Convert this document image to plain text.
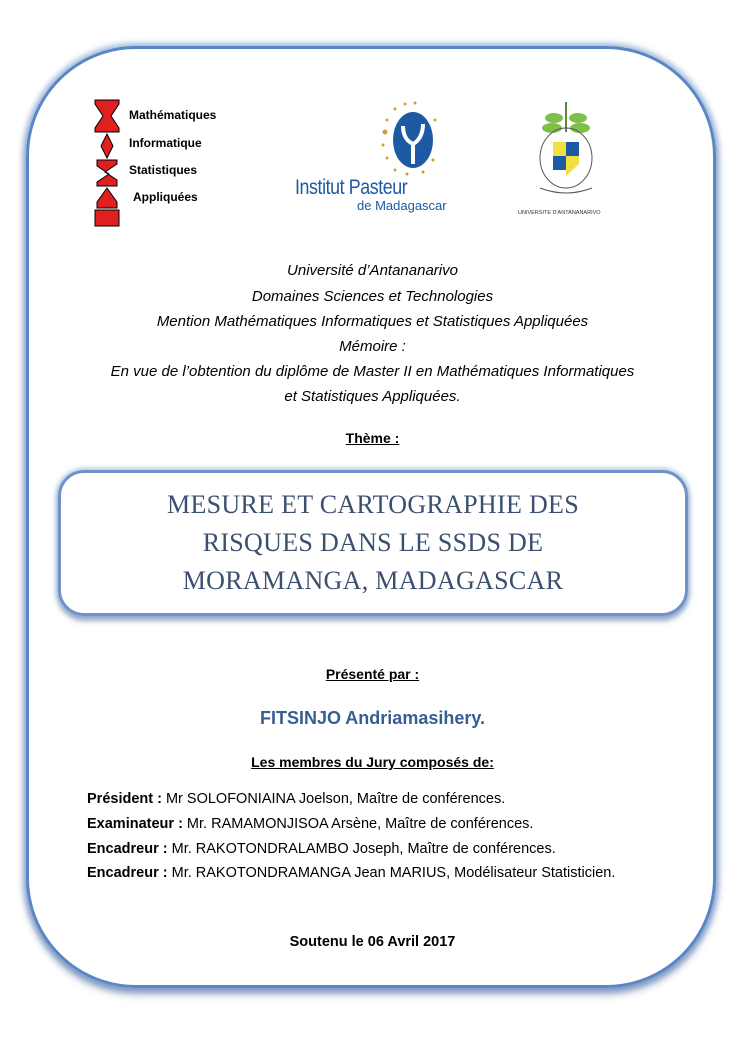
Mathématiques
Informatique
Statistiques
Appliquées	Institut Pasteur
de Madagascar	UNIVERSITE D'ANTANANARIVO
Université d’Antananarivo
Domaines Sciences et Technologies
Mention Mathématiques Informatiques et Statistiques Appliquées
Mémoire :
En vue de l’obtention du diplôme de Master II en Mathématiques Informatiques
et Statistiques Appliquées.
Thème :
MESURE ET CARTOGRAPHIE DES
RISQUES DANS LE SSDS DE
MORAMANGA, MADAGASCAR
Présenté par :
FITSINJO Andriamasihery.
Les membres du Jury composés de:
Président : Mr SOLOFONIAINA Joelson, Maître de conférences.
Examinateur : Mr. RAMAMONJISOA Arsène, Maître de conférences.
Encadreur : Mr. RAKOTONDRALAMBO Joseph, Maître de conférences.
Encadreur : Mr. RAKOTONDRAMANGA Jean MARIUS, Modélisateur Statisticien.
Soutenu le 06 Avril 2017
